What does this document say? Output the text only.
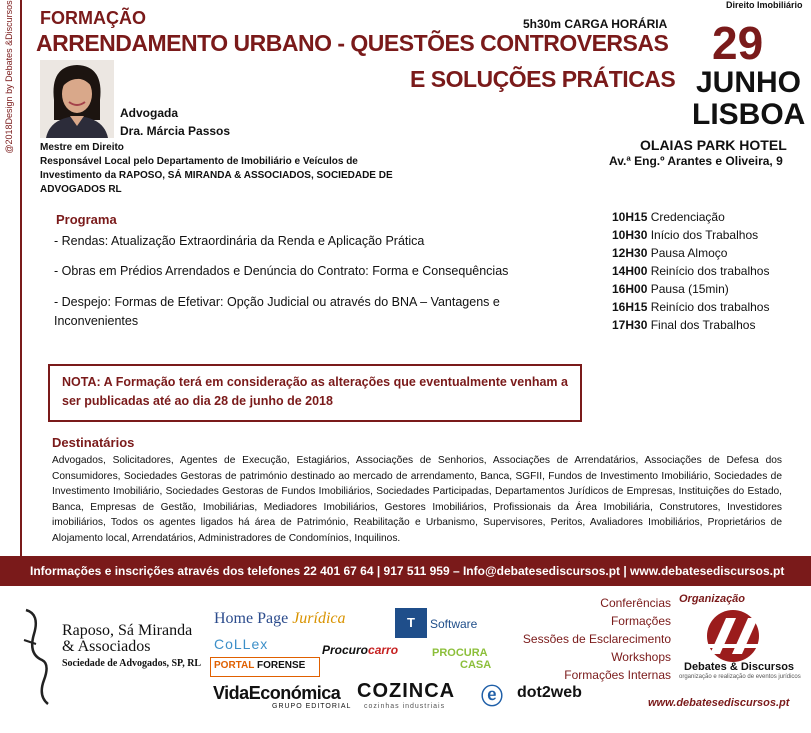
@2018Design by Debates &Discursos FORMAÇÃO	5h30m CARGA HORÁRIA
Direito Imobiliário
ARRENDAMENTO URBANO - QUESTÕES CONTROVERSAS
E SOLUÇÕES PRÁTICAS
29
JUNHO
LISBOA
OLAIAS PARK HOTEL
Av.ª Eng.º Arantes e Oliveira, 9
Advogada
Dra. Márcia Passos
Mestre em Direito
Responsável Local pelo Departamento de Imobiliário e Veículos de Investimento da RAPOSO, SÁ MIRANDA & ASSOCIADOS, SOCIEDADE DE ADVOGADOS RL
Programa
- Rendas: Atualização Extraordinária da Renda e Aplicação Prática
- Obras em Prédios Arrendados e Denúncia do Contrato: Forma e Consequências
- Despejo: Formas de Efetivar: Opção Judicial ou através do BNA – Vantagens e Inconvenientes
10H15 Credenciação
10H30 Início dos Trabalhos
12H30 Pausa Almoço
14H00 Reinício dos trabalhos
16H00 Pausa (15min)
16H15 Reinício dos trabalhos
17H30 Final dos Trabalhos
NOTA: A Formação terá em consideração as alterações que eventualmente venham a ser publicadas até ao dia 28 de junho de 2018
Destinatários
Advogados, Solicitadores, Agentes de Execução, Estagiários, Associações de Senhorios, Associações de Arrendatários, Associações de Defesa dos Consumidores, Sociedades Gestoras de património destinado ao mercado de arrendamento, Banca, SGFII, Fundos de Investimento Imobiliário, Sociedades de Investimento Imobiliário, Sociedades Gestoras de Fundos Imobiliários, Sociedades Participadas, Departamentos Jurídicos de Empresas, Instituições do Estado, Banca, Empresas de Gestão, Imobiliárias, Mediadores Imobiliários, Gestores Imobiliários, Profissionais da Área Imobiliária, Construtores, Investidores imobiliários, Todos os agentes ligados há área de Património, Reabilitação e Urbanismo, Supervisores, Peritos, Avaliadores Imobiliários, Proprietários de Alojamento local, Arrendatários, Administradores de Condomínios, Inquilinos.
Informações e inscrições através dos telefones 22 401 67 64 | 917 511 959 – Info@debatesediscursos.pt | www.debatesediscursos.pt
Raposo, Sá Miranda
& Associados
Sociedade de Advogados, SP, RL
Home Page Jurídica	T	Software
CoLLex	Procurocarro	PROCURA
CASA
PORTAL FORENSE
VidaEconómica
GRUPO EDITORIAL
COZINCA
cozinhas industriais ⓔ dot2web
Conferências
Formações
Sessões de Esclarecimento
Workshops
Formações Internas
Organização
Debates & Discursos
organização e realização de eventos jurídicos
www.debatesediscursos.pt
